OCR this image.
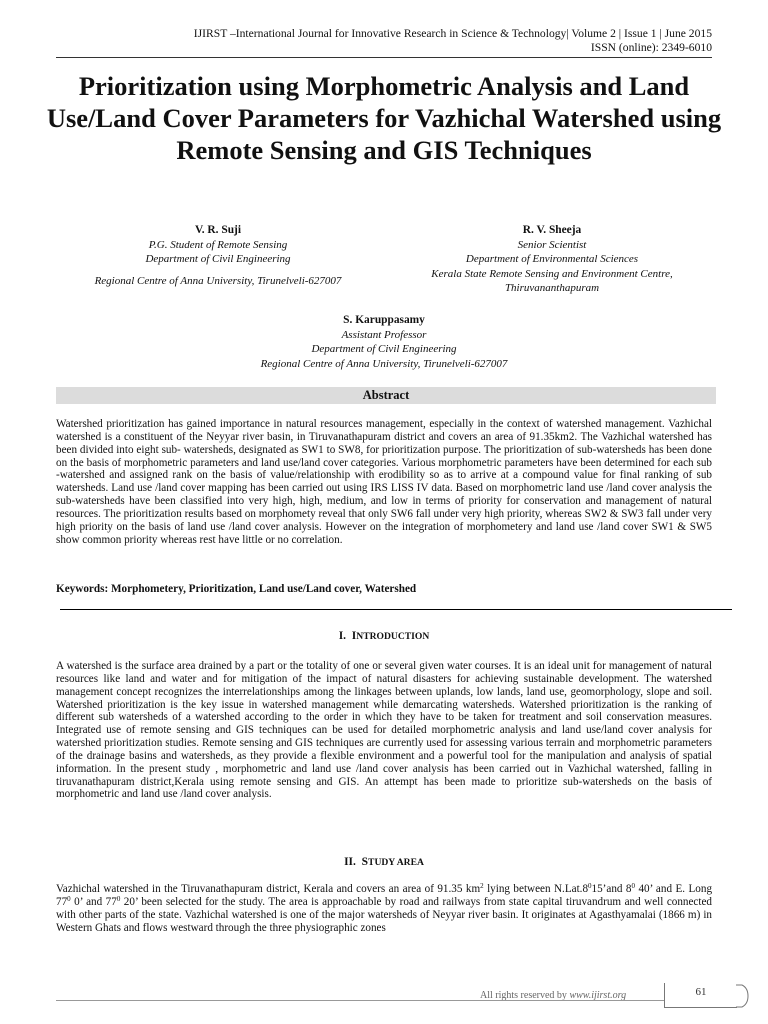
IJIRST –International Journal for Innovative Research in Science & Technology| Volume 2 | Issue 1 | June 2015
ISSN (online): 2349-6010
Prioritization using Morphometric Analysis and Land Use/Land Cover Parameters for Vazhichal Watershed using Remote Sensing and GIS Techniques
V. R. Suji
P.G. Student of Remote Sensing
Department of Civil Engineering
Regional Centre of Anna University, Tirunelveli-627007
R. V. Sheeja
Senior Scientist
Department of Environmental Sciences
Kerala State Remote Sensing and Environment Centre, Thiruvananthapuram
S. Karuppasamy
Assistant Professor
Department of Civil Engineering
Regional Centre of Anna University, Tirunelveli-627007
Abstract

Watershed prioritization has gained importance in natural resources management, especially in the context of watershed management. Vazhichal watershed is a constituent of the Neyyar river basin, in Tiruvanathapuram district and covers an area of 91.35km2. The Vazhichal watershed has been divided into eight sub- watersheds, designated as SW1 to SW8, for prioritization purpose. The prioritization of sub-watersheds has been done on the basis of morphometric parameters and land use/land cover categories. Various morphometric parameters have been determined for each sub -watershed and assigned rank on the basis of value/relationship with erodibility so as to arrive at a compound value for final ranking of sub watersheds. Land use /land cover mapping has been carried out using IRS LISS IV data. Based on morphometric land use /land cover analysis the sub-watersheds have been classified into very high, high, medium, and low in terms of priority for conservation and management of natural resources. The prioritization results based on morphomety reveal that only SW6 fall under very high priority, whereas SW2 & SW3 fall under very high priority on the basis of land use /land cover analysis. However on the integration of morphometery and land use /land cover SW1 & SW5 show common priority whereas rest have little or no correlation.

Keywords: Morphometery, Prioritization, Land use/Land cover, Watershed
I. INTRODUCTION

A watershed is the surface area drained by a part or the totality of one or several given water courses. It is an ideal unit for management of natural resources like land and water and for mitigation of the impact of natural disasters for achieving sustainable development. The watershed management concept recognizes the interrelationships among the linkages between uplands, low lands, land use, geomorphology, slope and soil. Watershed prioritization is the key issue in watershed management while demarcating watersheds. Watershed prioritization is the ranking of different sub watersheds of a watershed according to the order in which they have to be taken for treatment and soil conservation measures. Integrated use of remote sensing and GIS techniques can be used for detailed morphometric analysis and land use/land cover analysis for watershed prioritization studies. Remote sensing and GIS techniques are currently used for assessing various terrain and morphometric parameters of the drainage basins and watersheds, as they provide a flexible environment and a powerful tool for the manipulation and analysis of spatial information. In the present study , morphometric and land use /land cover analysis has been carried out in Vazhichal watershed, falling in tiruvanathapuram district,Kerala using remote sensing and GIS. An attempt has been made to prioritize sub-watersheds on the basis of morphometric and land use /land cover analysis.

II. STUDY AREA

Vazhichal watershed in the Tiruvanathapuram district, Kerala and covers an area of 91.35 $km^2$ lying between $N.Lat.8^015’and$ $8^0$ 40’ and E. Long $77^0$ 0’ and $77^0$ 20’ been selected for the study. The area is approachable by road and railways from state capital tiruvandrum and well connected with other parts of the state. Vazhichal watershed is one of the major watersheds of Neyyar river basin. It originates at Agasthyamalai (1866 m) in Western Ghats and flows westward through the three physiographic zones

All rights reserved by www.ijirst.org	61
